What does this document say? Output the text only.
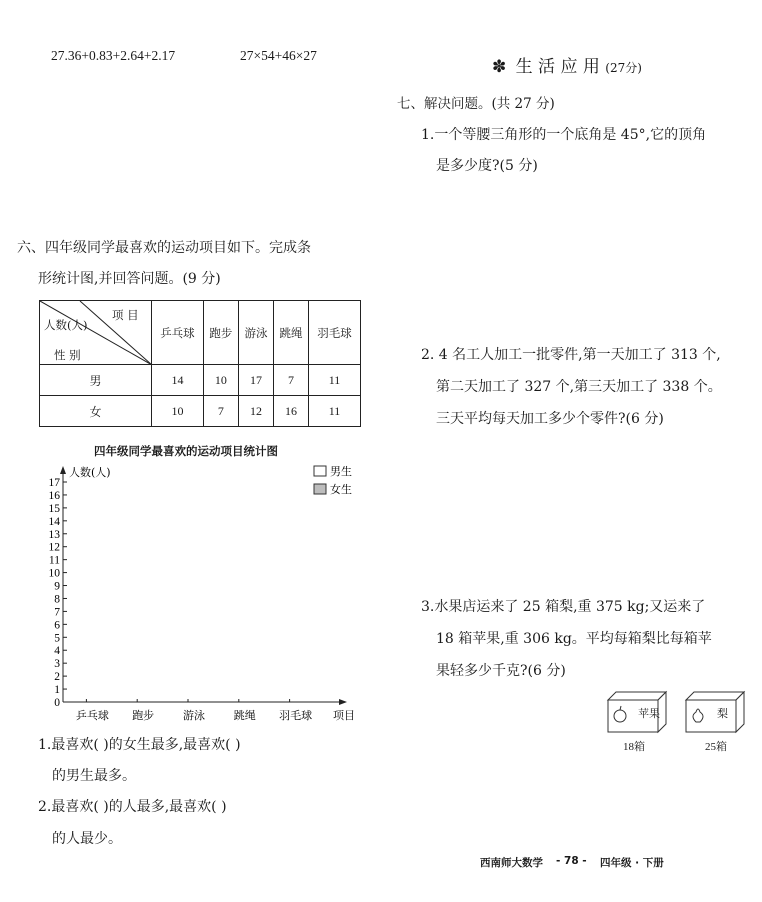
27.36+0.83+2.64+2.17	27×54+46×27
✽ 生 活 应 用 (27分)
七、解决问题。(共 27 分)
1.一个等腰三角形的一个底角是 45°,它的顶角
是多少度?(5 分)
2. 4 名工人加工一批零件,第一天加工了 313 个,
第二天加工了 327 个,第三天加工了 338 个。
三天平均每天加工多少个零件?(6 分)
3.水果店运来了 25 箱梨,重 375 kg;又运来了
18 箱苹果,重 306 kg。平均每箱梨比每箱苹
果轻多少千克?(6 分)
苹果	梨
18箱	25箱
六、四年级同学最喜欢的运动项目如下。完成条
形统计图,并回答问题。(9 分)
项 目
人数(人)
性 别	乒乓球	跑步	游泳	跳绳	羽毛球
男	14	10	17	7	11
女	10	7	12	16	11
四年级同学最喜欢的运动项目统计图
0
1
2
3
4
5
6
7
8
9
10
11
12
13
14
15
16
17
乒乓球 跑步	游泳	跳绳 羽毛球
人数(人)
项目
男生
女生
1.最喜欢( )的女生最多,最喜欢( )
的男生最多。
2.最喜欢( )的人最多,最喜欢( )
的人最少。
西南师大数学 - 78 - 四年级 · 下册
